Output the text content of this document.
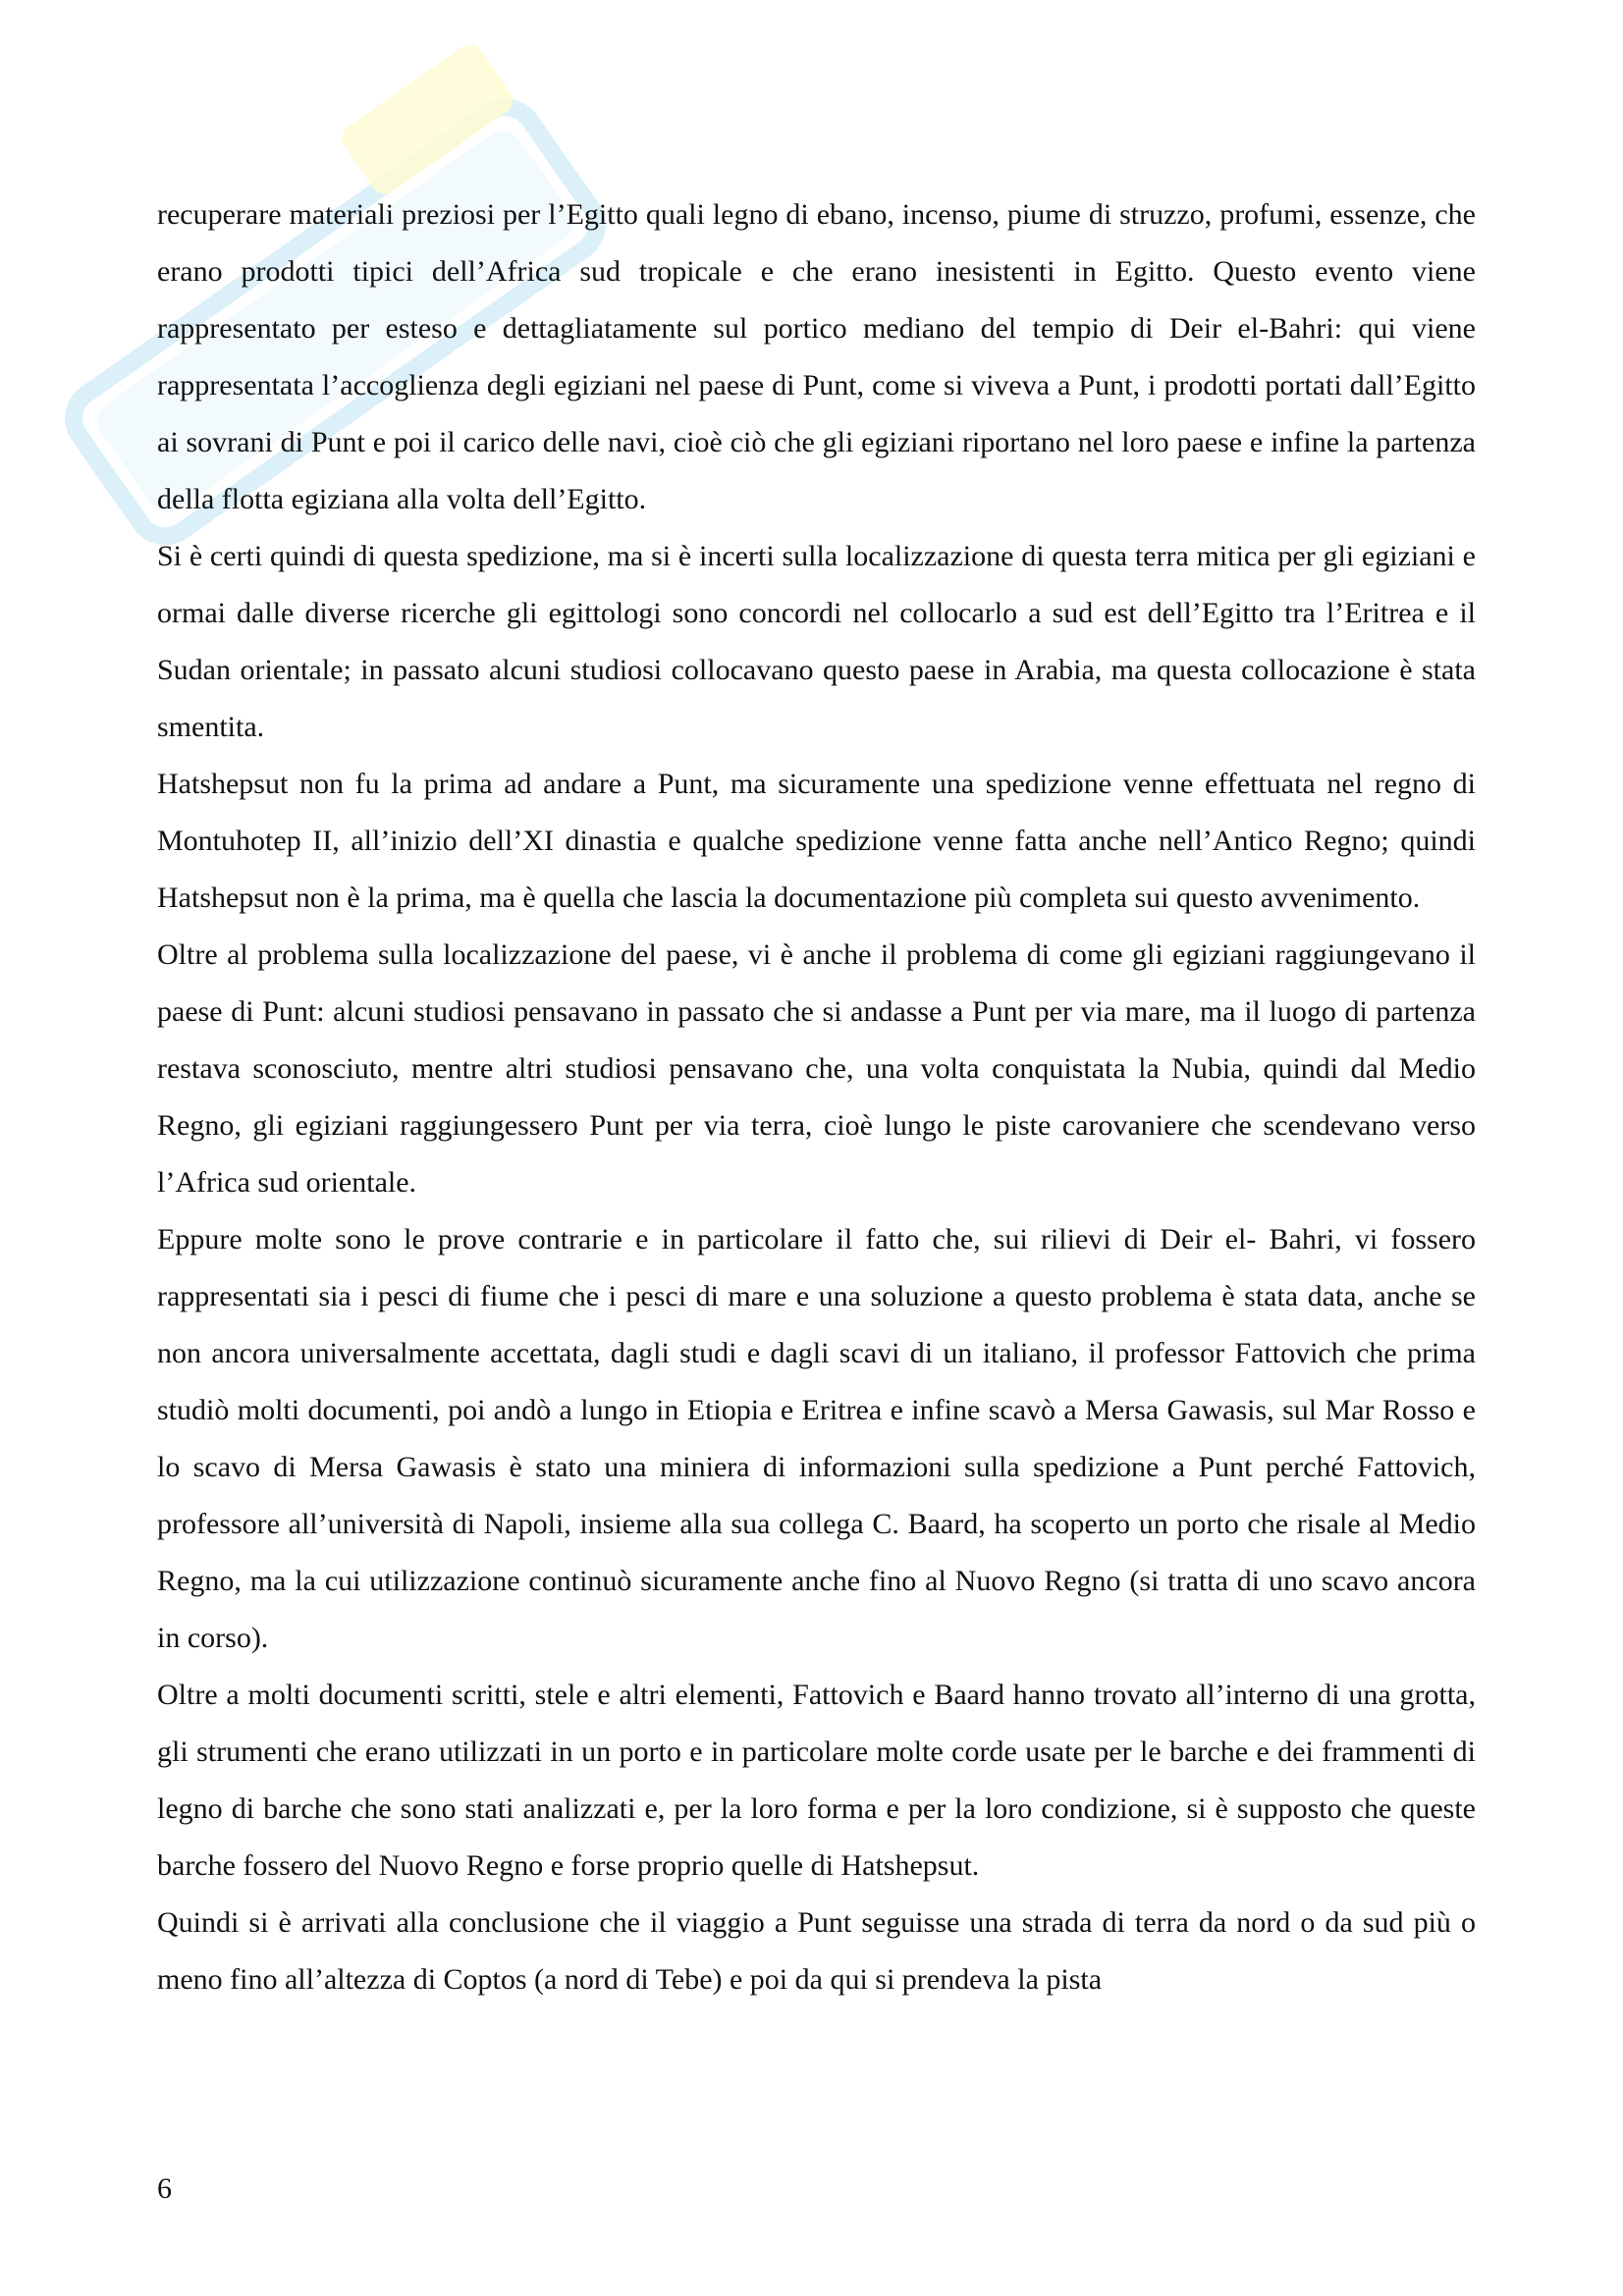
recuperare materiali preziosi per l’Egitto quali legno di ebano, incenso, piume di struzzo, profumi, essenze, che erano prodotti tipici dell’Africa sud tropicale e che erano inesistenti in Egitto. Questo evento viene rappresentato per esteso e dettagliatamente sul portico mediano del tempio di Deir el-Bahri: qui viene rappresentata l’accoglienza degli egiziani nel paese di Punt, come si viveva a Punt, i prodotti portati dall’Egitto ai sovrani di Punt e poi il carico delle navi, cioè ciò che gli egiziani riportano nel loro paese e infine la partenza della flotta egiziana alla volta dell’Egitto.

Si è certi quindi di questa spedizione, ma si è incerti sulla localizzazione di questa terra mitica per gli egiziani e ormai dalle diverse ricerche gli egittologi sono concordi nel collocarlo a sud est dell’Egitto tra l’Eritrea e il Sudan orientale; in passato alcuni studiosi collocavano questo paese in Arabia, ma questa collocazione è stata smentita.

Hatshepsut non fu la prima ad andare a Punt, ma sicuramente una spedizione venne effettuata nel regno di Montuhotep II, all’inizio dell’XI dinastia e qualche spedizione venne fatta anche nell’Antico Regno; quindi Hatshepsut non è la prima, ma è quella che lascia la documentazione più completa sui questo avvenimento.

Oltre al problema sulla localizzazione del paese, vi è anche il problema di come gli egiziani raggiungevano il paese di Punt: alcuni studiosi pensavano in passato che si andasse a Punt per via mare, ma il luogo di partenza restava sconosciuto, mentre altri studiosi pensavano che, una volta conquistata la Nubia, quindi dal Medio Regno, gli egiziani raggiungessero Punt per via terra, cioè lungo le piste carovaniere che scendevano verso l’Africa sud orientale.

Eppure molte sono le prove contrarie e in particolare il fatto che, sui rilievi di Deir el- Bahri, vi fossero rappresentati sia i pesci di fiume che i pesci di mare e una soluzione a questo problema è stata data, anche se non ancora universalmente accettata, dagli studi e dagli scavi di un italiano, il professor Fattovich che prima studiò molti documenti, poi andò a lungo in Etiopia e Eritrea e infine scavò a Mersa Gawasis, sul Mar Rosso e lo scavo di Mersa Gawasis è stato una miniera di informazioni sulla spedizione a Punt perché Fattovich, professore all’università di Napoli, insieme alla sua collega C. Baard, ha scoperto un porto che risale al Medio Regno, ma la cui utilizzazione continuò sicuramente anche fino al Nuovo Regno (si tratta di uno scavo ancora in corso).

Oltre a molti documenti scritti, stele e altri elementi, Fattovich e Baard hanno trovato all’interno di una grotta, gli strumenti che erano utilizzati in un porto e in particolare molte corde usate per le barche e dei frammenti di legno di barche che sono stati analizzati e, per la loro forma e per la loro condizione, si è supposto che queste barche fossero del Nuovo Regno e forse proprio quelle di Hatshepsut.

Quindi si è arrivati alla conclusione che il viaggio a Punt seguisse una strada di terra da nord o da sud più o meno fino all’altezza di Coptos (a nord di Tebe) e poi da qui si prendeva la pista

6
